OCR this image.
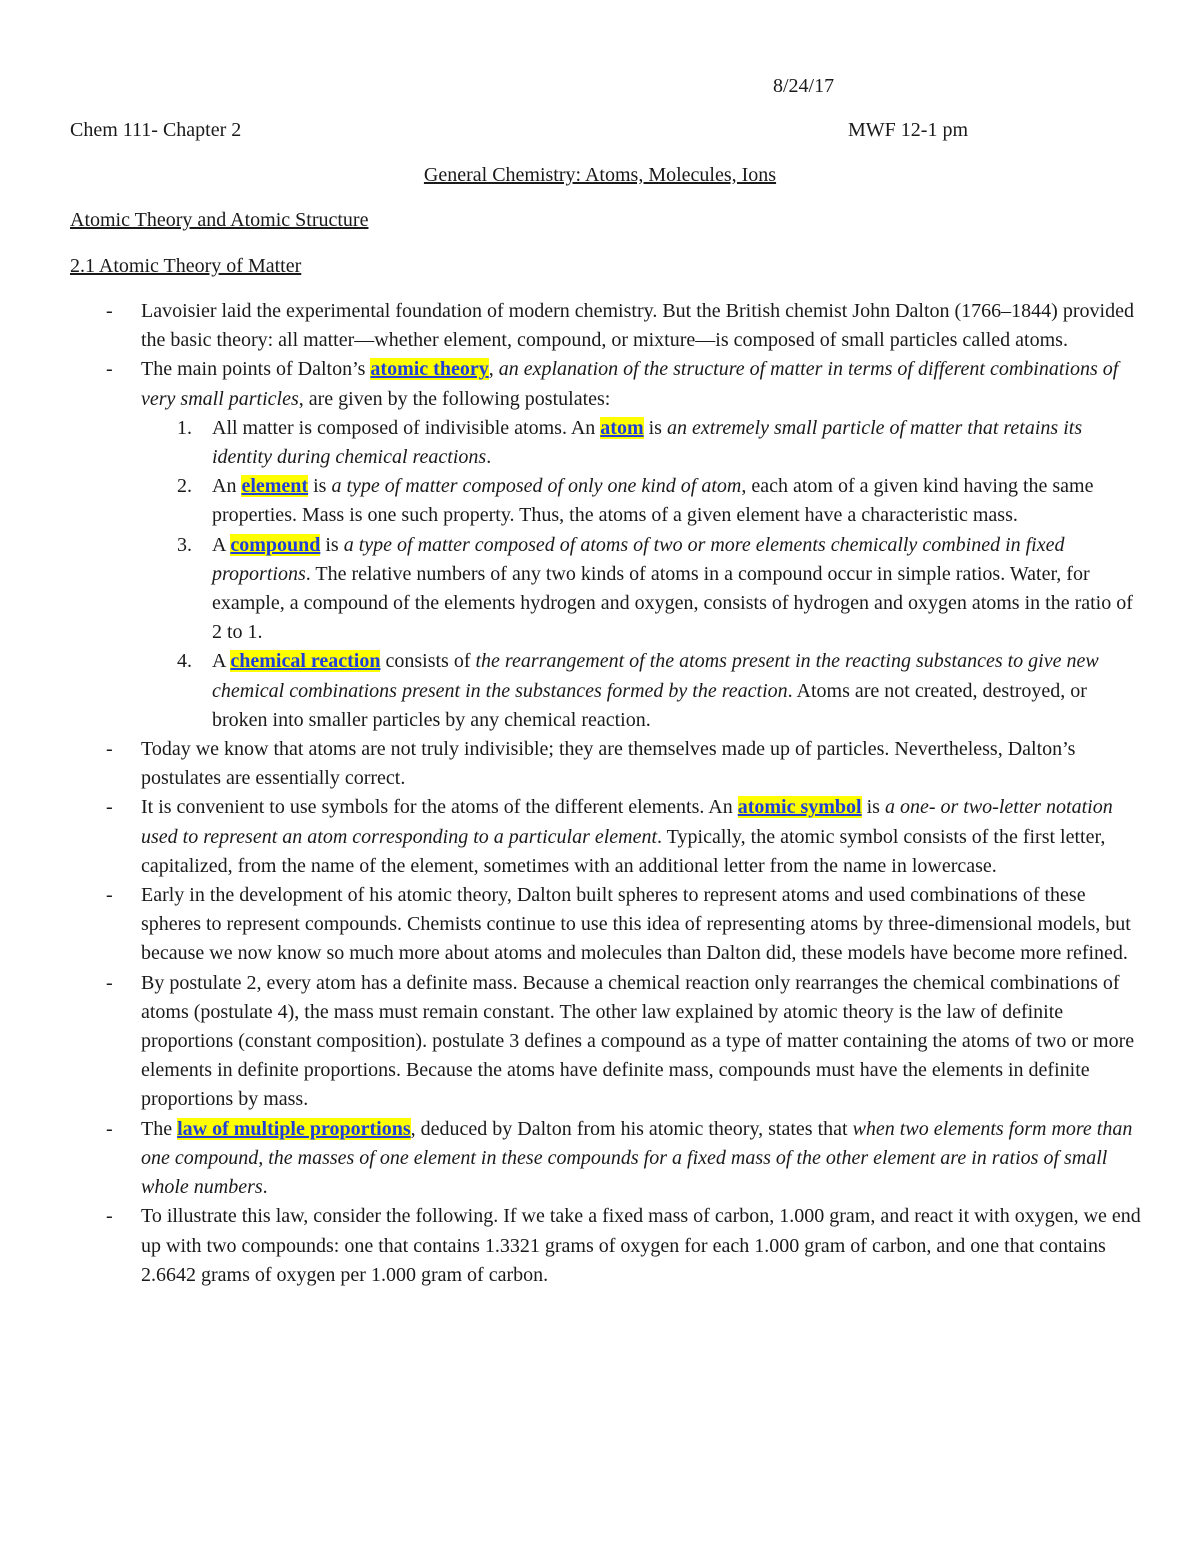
8/24/17
Chem 111- Chapter 2	MWF 12-1 pm
General Chemistry: Atoms, Molecules, Ions
Atomic Theory and Atomic Structure
2.1 Atomic Theory of Matter
- Lavoisier laid the experimental foundation of modern chemistry. But the British chemist John Dalton (1766–1844) provided the basic theory: all matter—whether element, compound, or mixture—is composed of small particles called atoms.
- The main points of Dalton’s atomic theory, an explanation of the structure of matter in terms of different combinations of very small particles, are given by the following postulates:
1. All matter is composed of indivisible atoms. An atom is an extremely small particle of matter that retains its identity during chemical reactions.
2. An element is a type of matter composed of only one kind of atom, each atom of a given kind having the same properties. Mass is one such property. Thus, the atoms of a given element have a characteristic mass.
3. A compound is a type of matter composed of atoms of two or more elements chemically combined in fixed proportions. The relative numbers of any two kinds of atoms in a compound occur in simple ratios. Water, for example, a compound of the elements hydrogen and oxygen, consists of hydrogen and oxygen atoms in the ratio of 2 to 1.
4. A chemical reaction consists of the rearrangement of the atoms present in the reacting substances to give new chemical combinations present in the substances formed by the reaction. Atoms are not created, destroyed, or broken into smaller particles by any chemical reaction.
- Today we know that atoms are not truly indivisible; they are themselves made up of particles. Nevertheless, Dalton’s postulates are essentially correct.
- It is convenient to use symbols for the atoms of the different elements. An atomic symbol is a one- or two-letter notation used to represent an atom corresponding to a particular element. Typically, the atomic symbol consists of the first letter, capitalized, from the name of the element, sometimes with an additional letter from the name in lowercase.
- Early in the development of his atomic theory, Dalton built spheres to represent atoms and used combinations of these spheres to represent compounds. Chemists continue to use this idea of representing atoms by three-dimensional models, but because we now know so much more about atoms and molecules than Dalton did, these models have become more refined.
- By postulate 2, every atom has a definite mass. Because a chemical reaction only rearranges the chemical combinations of atoms (postulate 4), the mass must remain constant. The other law explained by atomic theory is the law of definite proportions (constant composition). postulate 3 defines a compound as a type of matter containing the atoms of two or more elements in definite proportions. Because the atoms have definite mass, compounds must have the elements in definite proportions by mass.
- The law of multiple proportions, deduced by Dalton from his atomic theory, states that when two elements form more than one compound, the masses of one element in these compounds for a fixed mass of the other element are in ratios of small whole numbers.
- To illustrate this law, consider the following. If we take a fixed mass of carbon, 1.000 gram, and react it with oxygen, we end up with two compounds: one that contains 1.3321 grams of oxygen for each 1.000 gram of carbon, and one that contains 2.6642 grams of oxygen per 1.000 gram of carbon.
